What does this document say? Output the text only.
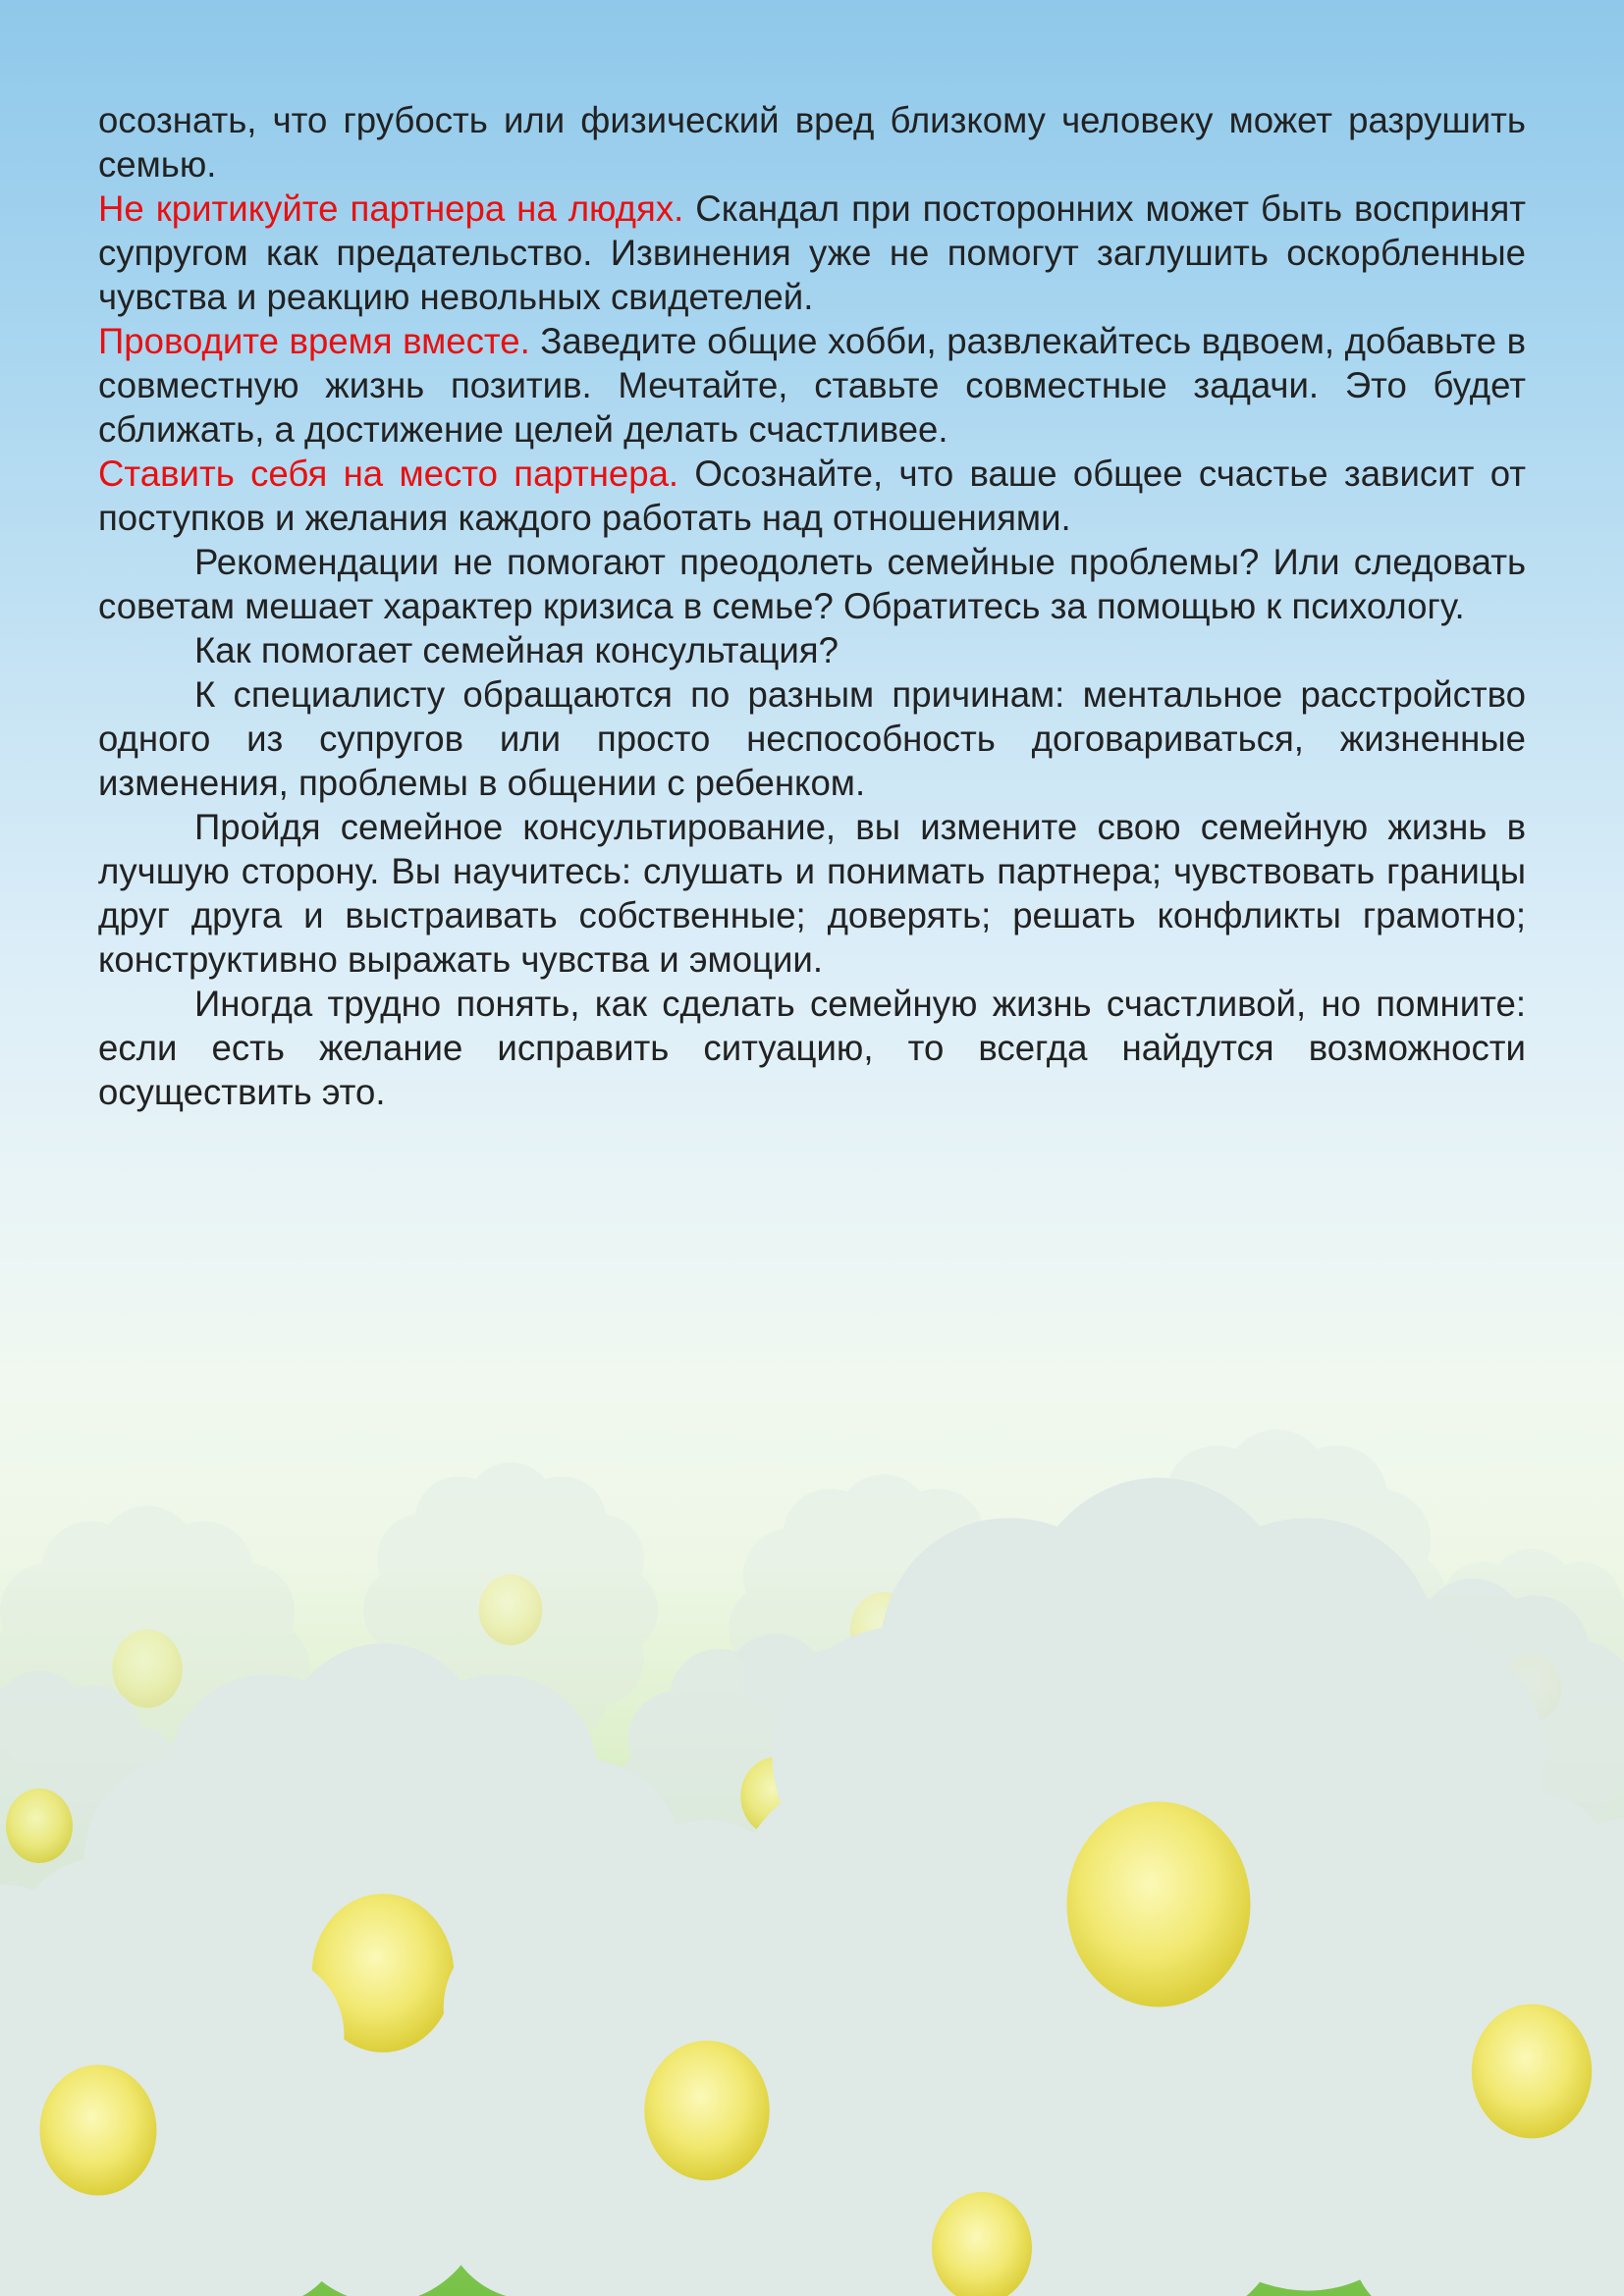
осознать, что грубость или физический вред близкому человеку может разрушить семью.

Не критикуйте партнера на людях. Скандал при посторонних может быть воспринят супругом как предательство. Извинения уже не помогут заглушить оскорбленные чувства и реакцию невольных свидетелей.

Проводите время вместе. Заведите общие хобби, развлекайтесь вдвоем, добавьте в совместную жизнь позитив. Мечтайте, ставьте совместные задачи. Это будет сближать, а достижение целей делать счастливее.

Ставить себя на место партнера. Осознайте, что ваше общее счастье зависит от поступков и желания каждого работать над отношениями.

Рекомендации не помогают преодолеть семейные проблемы? Или следовать советам мешает характер кризиса в семье? Обратитесь за помощью к психологу.

Как помогает семейная консультация?

К специалисту обращаются по разным причинам: ментальное расстройство одного из супругов или просто неспособность договариваться, жизненные изменения, проблемы в общении с ребенком.

Пройдя семейное консультирование, вы измените свою семейную жизнь в лучшую сторону. Вы научитесь: слушать и понимать партнера; чувствовать границы друг друга и выстраивать собственные; доверять; решать конфликты грамотно; конструктивно выражать чувства и эмоции.

Иногда трудно понять, как сделать семейную жизнь счастливой, но помните: если есть желание исправить ситуацию, то всегда найдутся возможности осуществить это.
